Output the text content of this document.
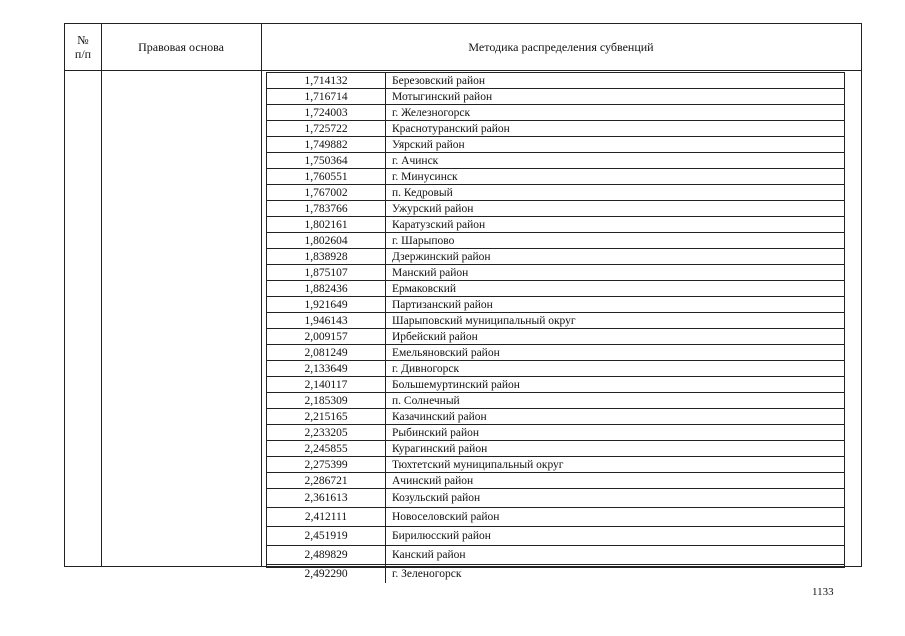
№
п/п	Правовая основа	Методика распределения субвенций
1,714132	Березовский район
1,716714	Мотыгинский район
1,724003	г. Железногорск
1,725722	Краснотуранский район
1,749882	Уярский район
1,750364	г. Ачинск
1,760551	г. Минусинск
1,767002	п. Кедровый
1,783766	Ужурский район
1,802161	Каратузский район
1,802604	г. Шарыпово
1,838928	Дзержинский район
1,875107	Манский район
1,882436	Ермаковский
1,921649	Партизанский район
1,946143	Шарыповский муниципальный округ
2,009157	Ирбейский район
2,081249	Емельяновский район
2,133649	г. Дивногорск
2,140117	Большемуртинский район
2,185309	п. Солнечный
2,215165	Казачинский район
2,233205	Рыбинский район
2,245855	Курагинский район
2,275399	Тюхтетский муниципальный округ
2,286721	Ачинский район
2,361613	Козульский район
2,412111	Новоселовский район
2,451919	Бирилюсский район
2,489829	Канский район
2,492290	г. Зеленогорск
1133
